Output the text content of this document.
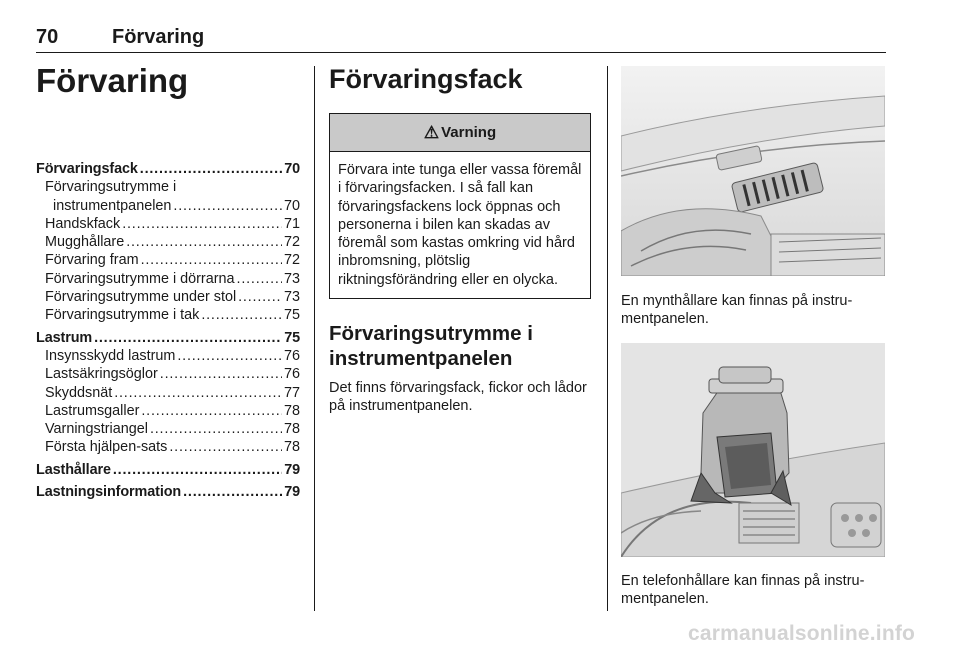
70	Förvaring
Förvaring
Förvaringsfack . . .	70
Förvaringsutrymme i
instrumentpanelen . . .	70
Handskfack . . .	71
Mugghållare . . .	72
Förvaring fram . . .	72
Förvaringsutrymme i dörrarna . . .	73
Förvaringsutrymme under stol . . .	73
Förvaringsutrymme i tak . . .	75
Lastrum . . .	75
Insynsskydd lastrum . . .	76
Lastsäkringsöglor . . .	76
Skyddsnät . . .	77
Lastrumsgaller . . .	78
Varningstriangel . . .	78
Första hjälpen-sats . . .	78
Lasthållare . . .	79
Lastningsinformation . . .	79
Förvaringsfack
⚠ Varning
Förvara inte tunga eller vassa föremål i förvaringsfacken. I så fall kan förvaringsfackens lock öppnas och personerna i bilen kan skadas av föremål som kastas omkring vid hård inbromsning, plötslig riktningsförändring eller en olycka.
Förvaringsutrymme i instrumentpanelen
Det finns förvaringsfack, fickor och lådor på instrumentpanelen.
En mynthållare kan finnas på instru-mentpanelen.
En telefonhållare kan finnas på instru-mentpanelen.
carmanualsonline.info
